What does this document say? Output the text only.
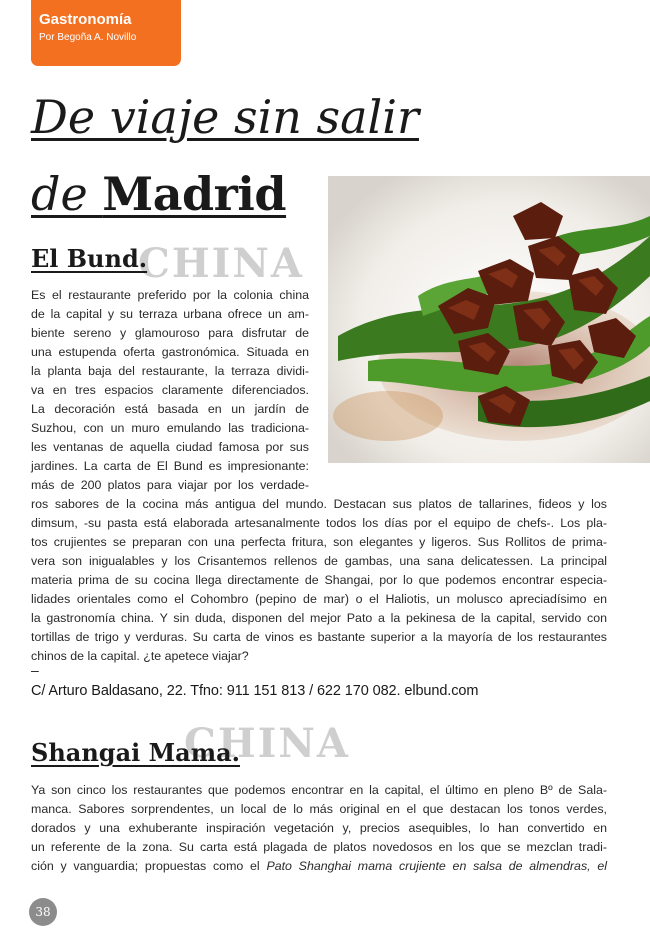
Gastronomía
Por Begoña A. Novillo
De viaje sin salir
de Madrid
El Bund.
CHINA
Es el restaurante preferido por la colonia china
de la capital y su terraza urbana ofrece un am-
biente sereno y glamouroso para disfrutar de
una estupenda oferta gastronómica. Situada en
la planta baja del restaurante, la terraza dividi-
va en tres espacios claramente diferenciados.
La decoración está basada en un jardín de
Suzhou, con un muro emulando las tradiciona-
les ventanas de aquella ciudad famosa por sus
jardines. La carta de El Bund es impresionante:
más de 200 platos para viajar por los verdade-
ros sabores de la cocina más antigua del mundo. Destacan sus platos de tallarines, fideos y los
dimsum, -su pasta está elaborada artesanalmente todos los días por el equipo de chefs-. Los pla-
tos crujientes se preparan con una perfecta fritura, son elegantes y ligeros. Sus Rollitos de prima-
vera son inigualables y los Crisantemos rellenos de gambas, una sana delicatessen. La principal
materia prima de su cocina llega directamente de Shangai, por lo que podemos encontrar especia-
lidades orientales como el Cohombro (pepino de mar) o el Haliotis, un molusco apreciadísimo en
la gastronomía china. Y sin duda, disponen del mejor Pato a la pekinesa de la capital, servido con
tortillas de trigo y verduras. Su carta de vinos es bastante superior a la mayoría de los restaurantes
chinos de la capital. ¿te apetece viajar?
–
C/ Arturo Baldasano, 22. Tfno: 911 151 813 / 622 170 082. elbund.com
Shangai Mama.
CHINA
Ya son cinco los restaurantes que podemos encontrar en la capital, el último en pleno Bº de Sala-
manca. Sabores sorprendentes, un local de lo más original en el que destacan los tonos verdes,
dorados y una exhuberante inspiración vegetación y, precios asequibles, lo han convertido en
un referente de la zona. Su carta está plagada de platos novedosos en los que se mezclan tradi-
ción y vanguardia; propuestas como el Pato Shanghai mama crujiente en salsa de almendras, el
38
